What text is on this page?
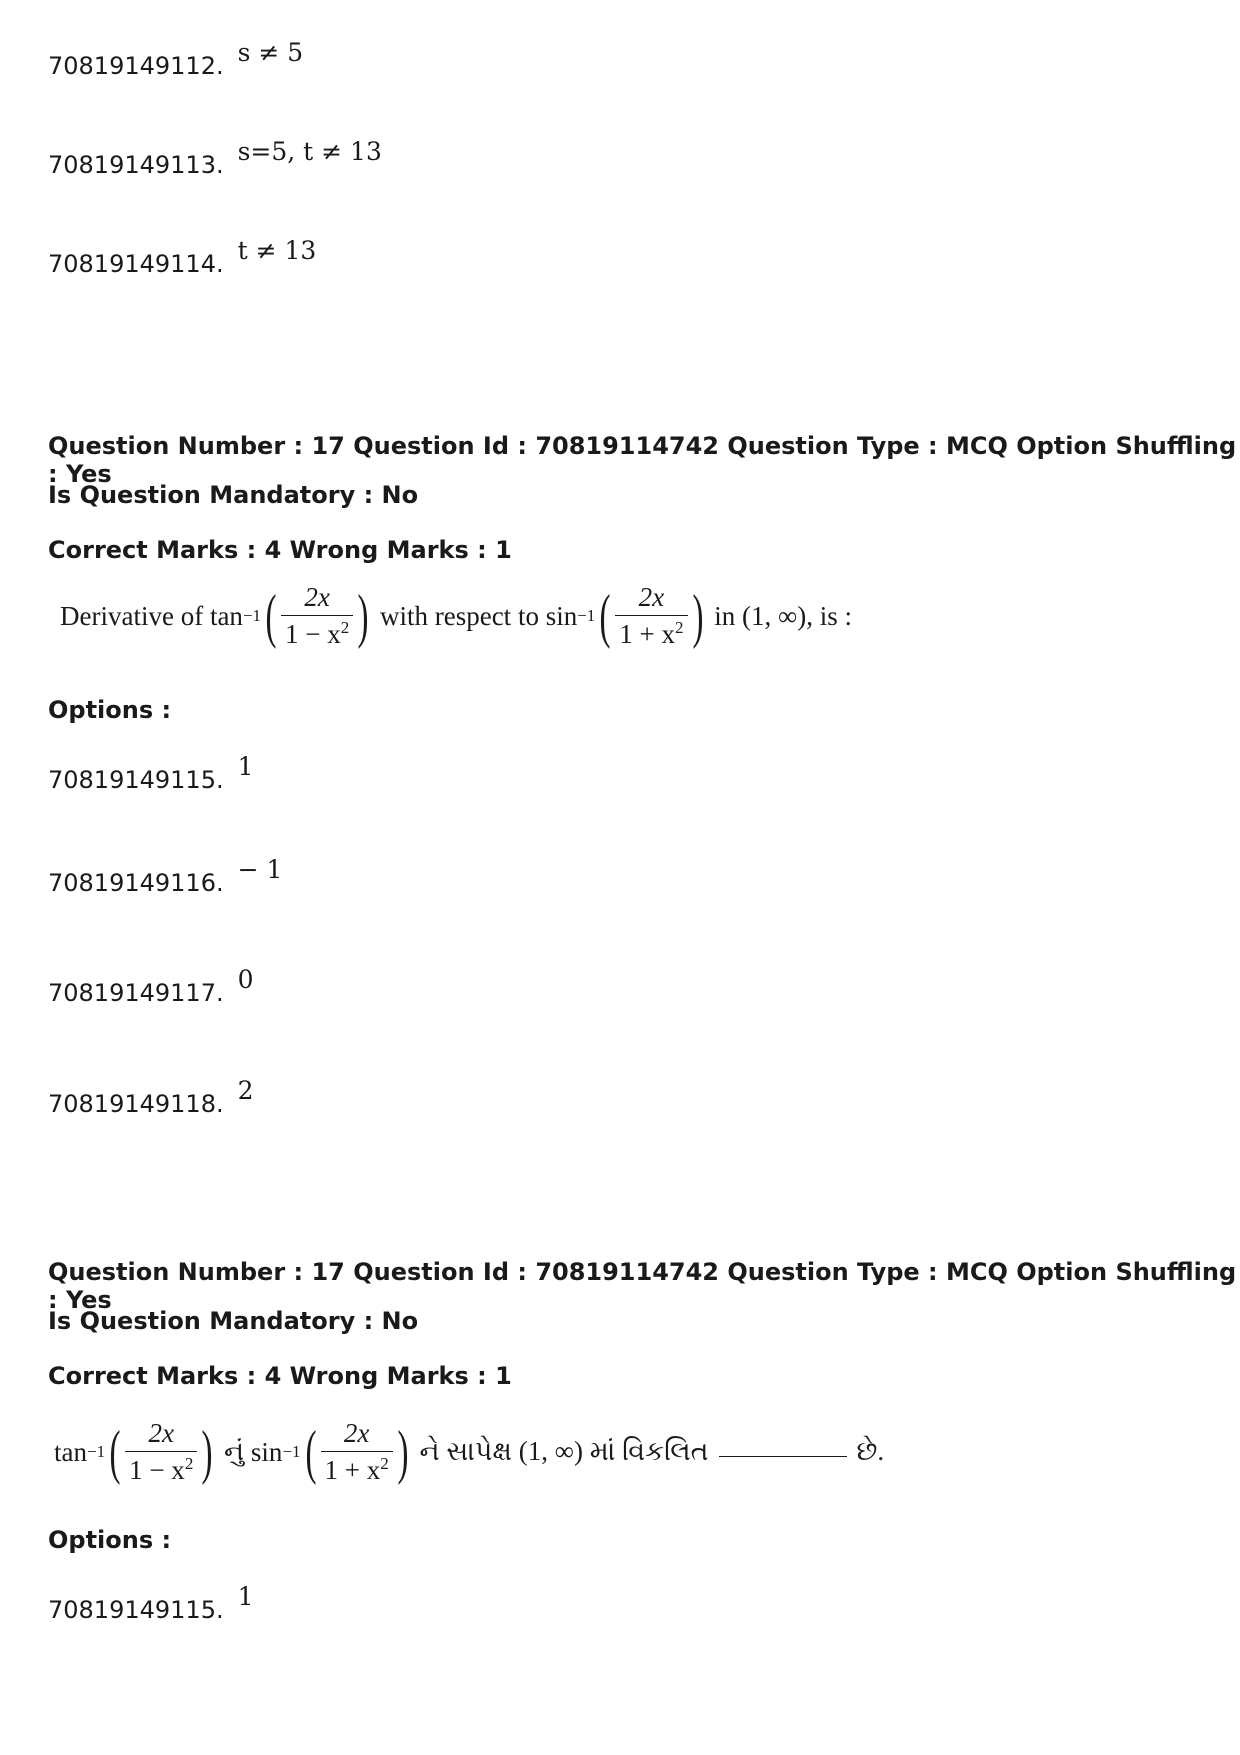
70819149112. s ≠ 5
70819149113. s=5, t ≠ 13
70819149114. t ≠ 13
Question Number : 17 Question Id : 70819114742 Question Type : MCQ Option Shuffling : Yes
Is Question Mandatory : No
Correct Marks : 4 Wrong Marks : 1
Derivative of
tan −1 ( $\frac{2x}{1 - x^2}$ )
with respect to
sin −1 ( $\frac{2x}{1 + x^2}$ )
in (1, ∞), is :
Options :
70819149115. 1
70819149116. − 1
70819149117. 0
70819149118. 2
Question Number : 17 Question Id : 70819114742 Question Type : MCQ Option Shuffling : Yes
Is Question Mandatory : No
Correct Marks : 4 Wrong Marks : 1
tan −1 ( $\frac{2x}{1 - x^2}$ )
નું
sin −1 ( $\frac{2x}{1 + x^2}$ )
ને સાપેક્ષ (1, ∞) માં વિકલિત	છે.
Options :
70819149115. 1
